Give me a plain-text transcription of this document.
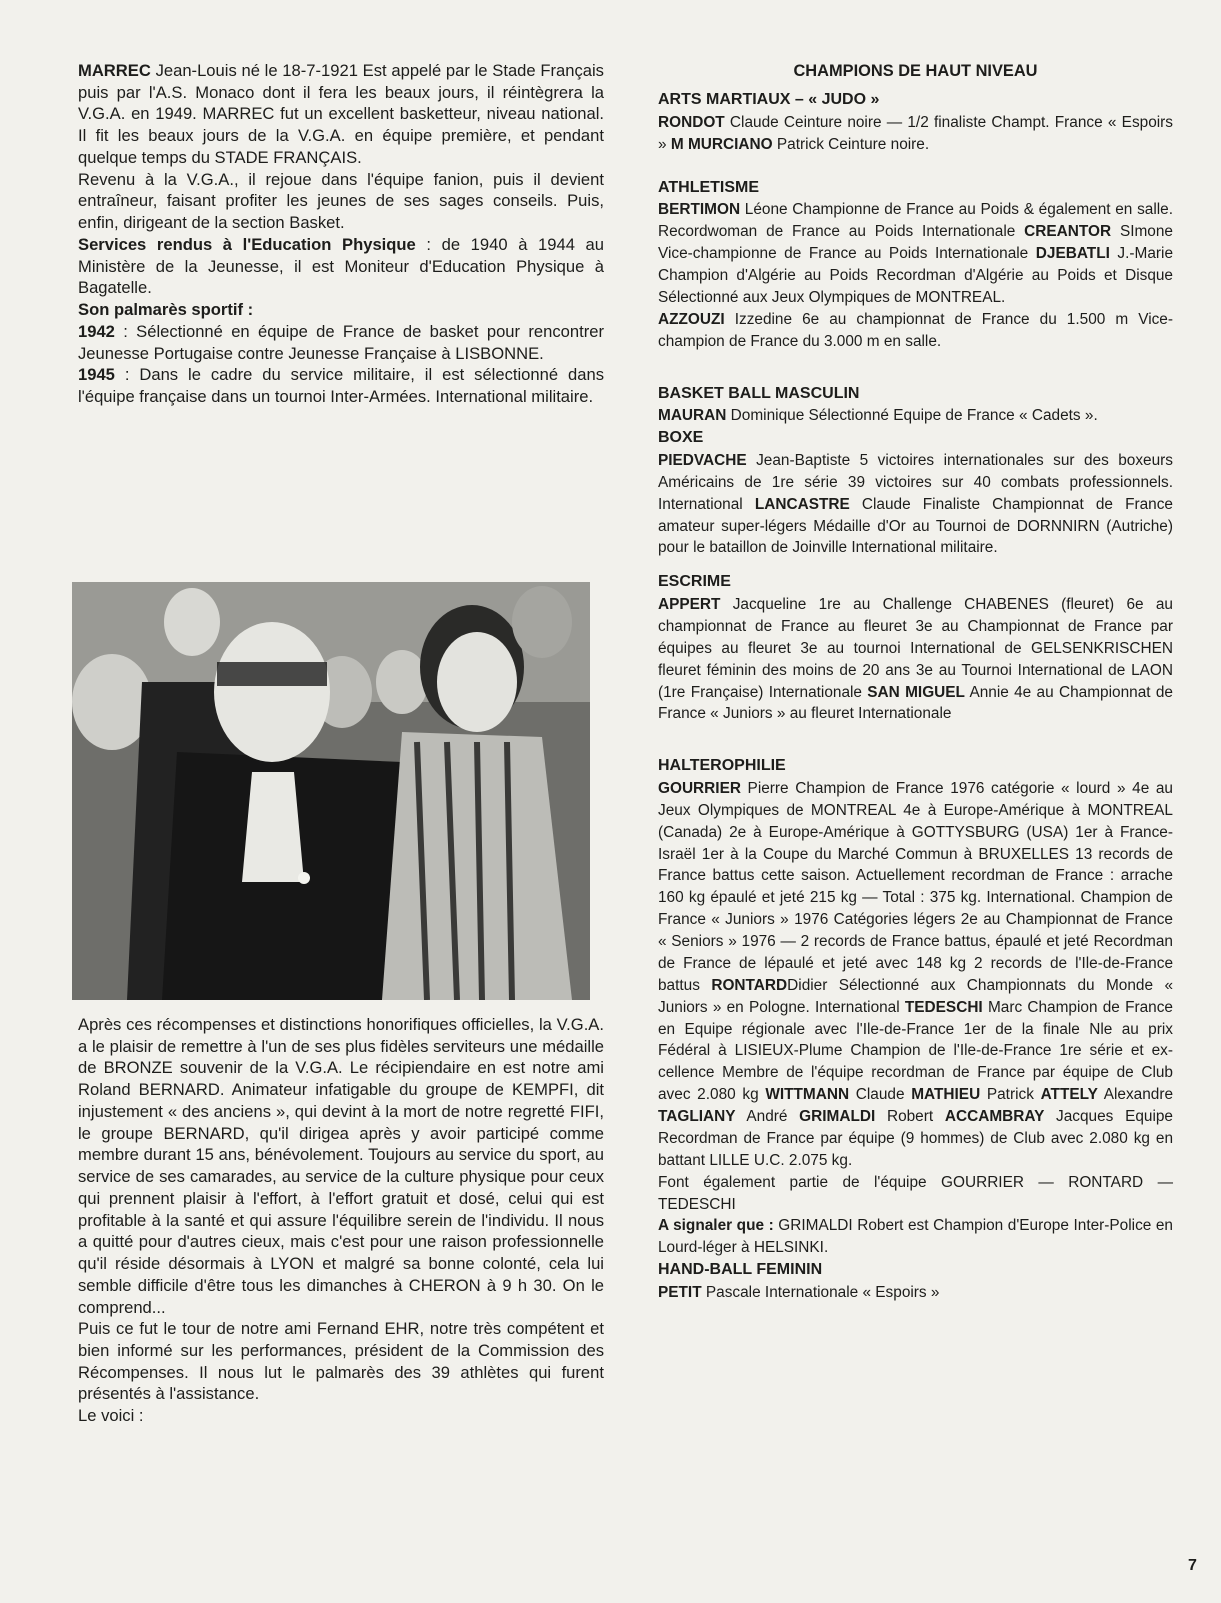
MARREC Jean-Louis né le 18-7-1921 Est appelé par le Stade Français puis par l'A.S. Monaco dont il fera les beaux jours, il réintègrera la V.G.A. en 1949. MARREC fut un excellent basketteur, niveau national. Il fit les beaux jours de la V.G.A. en équipe première, et pendant quelque temps du STADE FRANÇAIS.

Revenu à la V.G.A., il rejoue dans l'équipe fanion, puis il devient entraîneur, faisant profiter les jeunes de ses sages conseils. Puis, enfin, dirigeant de la section Basket.

Services rendus à l'Education Physique : de 1940 à 1944 au Ministère de la Jeunesse, il est Moniteur d'Education Physique à Bagatelle.

Son palmarès sportif :

1942 : Sélectionné en équipe de France de basket pour rencontrer Jeunesse Portugaise contre Jeunesse Française à LISBONNE.

1945 : Dans le cadre du service militaire, il est sélectionné dans l'équipe française dans un tournoi Inter-Armées. International militaire.

Après ces récompenses et distinctions honorifiques officielles, la V.G.A. a le plaisir de remettre à l'un de ses plus fidèles serviteurs une médaille de BRONZE souvenir de la V.G.A. Le récipiendaire en est notre ami Roland BERNARD. Animateur infatigable du groupe de KEMPFI, dit injustement « des anciens », qui devint à la mort de notre regretté FIFI, le groupe BERNARD, qu'il dirigea après y avoir participé comme membre durant 15 ans, bénévolement. Toujours au service du sport, au service de ses camarades, au service de la culture physique pour ceux qui prennent plaisir à l'effort, à l'effort gratuit et dosé, celui qui est profitable à la santé et qui assure l'équilibre serein de l'individu. Il nous a quitté pour d'autres cieux, mais c'est pour une raison professionnelle qu'il réside désormais à LYON et malgré sa bonne colonté, cela lui semble difficile d'être tous les dimanches à CHERON à 9 h 30. On le comprend...

Puis ce fut le tour de notre ami Fernand EHR, notre très compétent et bien informé sur les performances, président de la Commission des Récompenses. Il nous lut le palmarès des 39 athlètes qui furent présentés à l'assistance.

Le voici :

CHAMPIONS DE HAUT NIVEAU
ARTS MARTIAUX – « JUDO »

RONDOT Claude Ceinture noire — 1/2 finaliste Champt. France « Espoirs » M MURCIANO Patrick Ceinture noire.

ATHLETISME

BERTIMON Léone Championne de France au Poids & également en salle. Recordwoman de France au Poids Internationale CREANTOR SImone Vice-championne de France au Poids Internationale DJEBATLI J.-Marie Champion d'Algérie au Poids Recordman d'Algérie au Poids et Disque Sélectionné aux Jeux Olympiques de MONTREAL.

AZZOUZI Izzedine 6e au championnat de France du 1.500 m Vice-champion de France du 3.000 m en salle.

BASKET BALL MASCULIN

MAURAN Dominique Sélectionné Equipe de France « Cadets ».

BOXE

PIEDVACHE Jean-Baptiste 5 victoires internationales sur des boxeurs Américains de 1re série 39 victoires sur 40 combats professionnels. International LANCASTRE Claude Finaliste Championnat de France amateur super-légers Médaille d'Or au Tournoi de DORNNIRN (Autriche) pour le bataillon de Joinville International militaire.

ESCRIME

APPERT Jacqueline 1re au Challenge CHABENES (fleuret) 6e au championnat de France au fleuret 3e au Championnat de France par équipes au fleuret 3e au tournoi International de GELSENKRISCHEN fleuret féminin des moins de 20 ans 3e au Tournoi International de LAON (1re Française) Internationale SAN MIGUEL Annie 4e au Championnat de France « Juniors » au fleuret Internationale

HALTEROPHILIE

GOURRIER Pierre Champion de France 1976 catégorie « lourd » 4e au Jeux Olympiques de MONTREAL 4e à Europe-Amérique à MONTREAL (Canada) 2e à Europe-Amérique à GOTTYSBURG (USA) 1er à France-Israël 1er à la Coupe du Marché Commun à BRUXELLES 13 records de France battus cette saison. Actuellement recordman de France : arrache 160 kg épaulé et jeté 215 kg — Total : 375 kg. International. Champion de France « Juniors » 1976 Catégories légers 2e au Championnat de France « Seniors » 1976 — 2 records de France battus, épaulé et jeté Recordman de France de lépaulé et jeté avec 148 kg 2 records de l'Ile-de-France battus RONTARDDidier Sélectionné aux Championnats du Monde « Juniors » en Pologne. International TEDESCHI Marc Champion de France en Equipe régionale avec l'Ile-de-France 1er de la finale Nle au prix Fédéral à LISIEUX-Plume Champion de l'Ile-de-France 1re série et ex-cellence Membre de l'équipe recordman de France par équipe de Club avec 2.080 kg WITTMANN Claude MATHIEU Patrick ATTELY Alexandre TAGLIANY André GRIMALDI Robert ACCAMBRAY Jacques Equipe Recordman de France par équipe (9 hommes) de Club avec 2.080 kg en battant LILLE U.C. 2.075 kg.

Font également partie de l'équipe GOURRIER — RONTARD — TEDESCHI

A signaler que : GRIMALDI Robert est Champion d'Europe Inter-Police en Lourd-léger à HELSINKI.

HAND-BALL FEMININ

PETIT Pascale Internationale « Espoirs »

7
